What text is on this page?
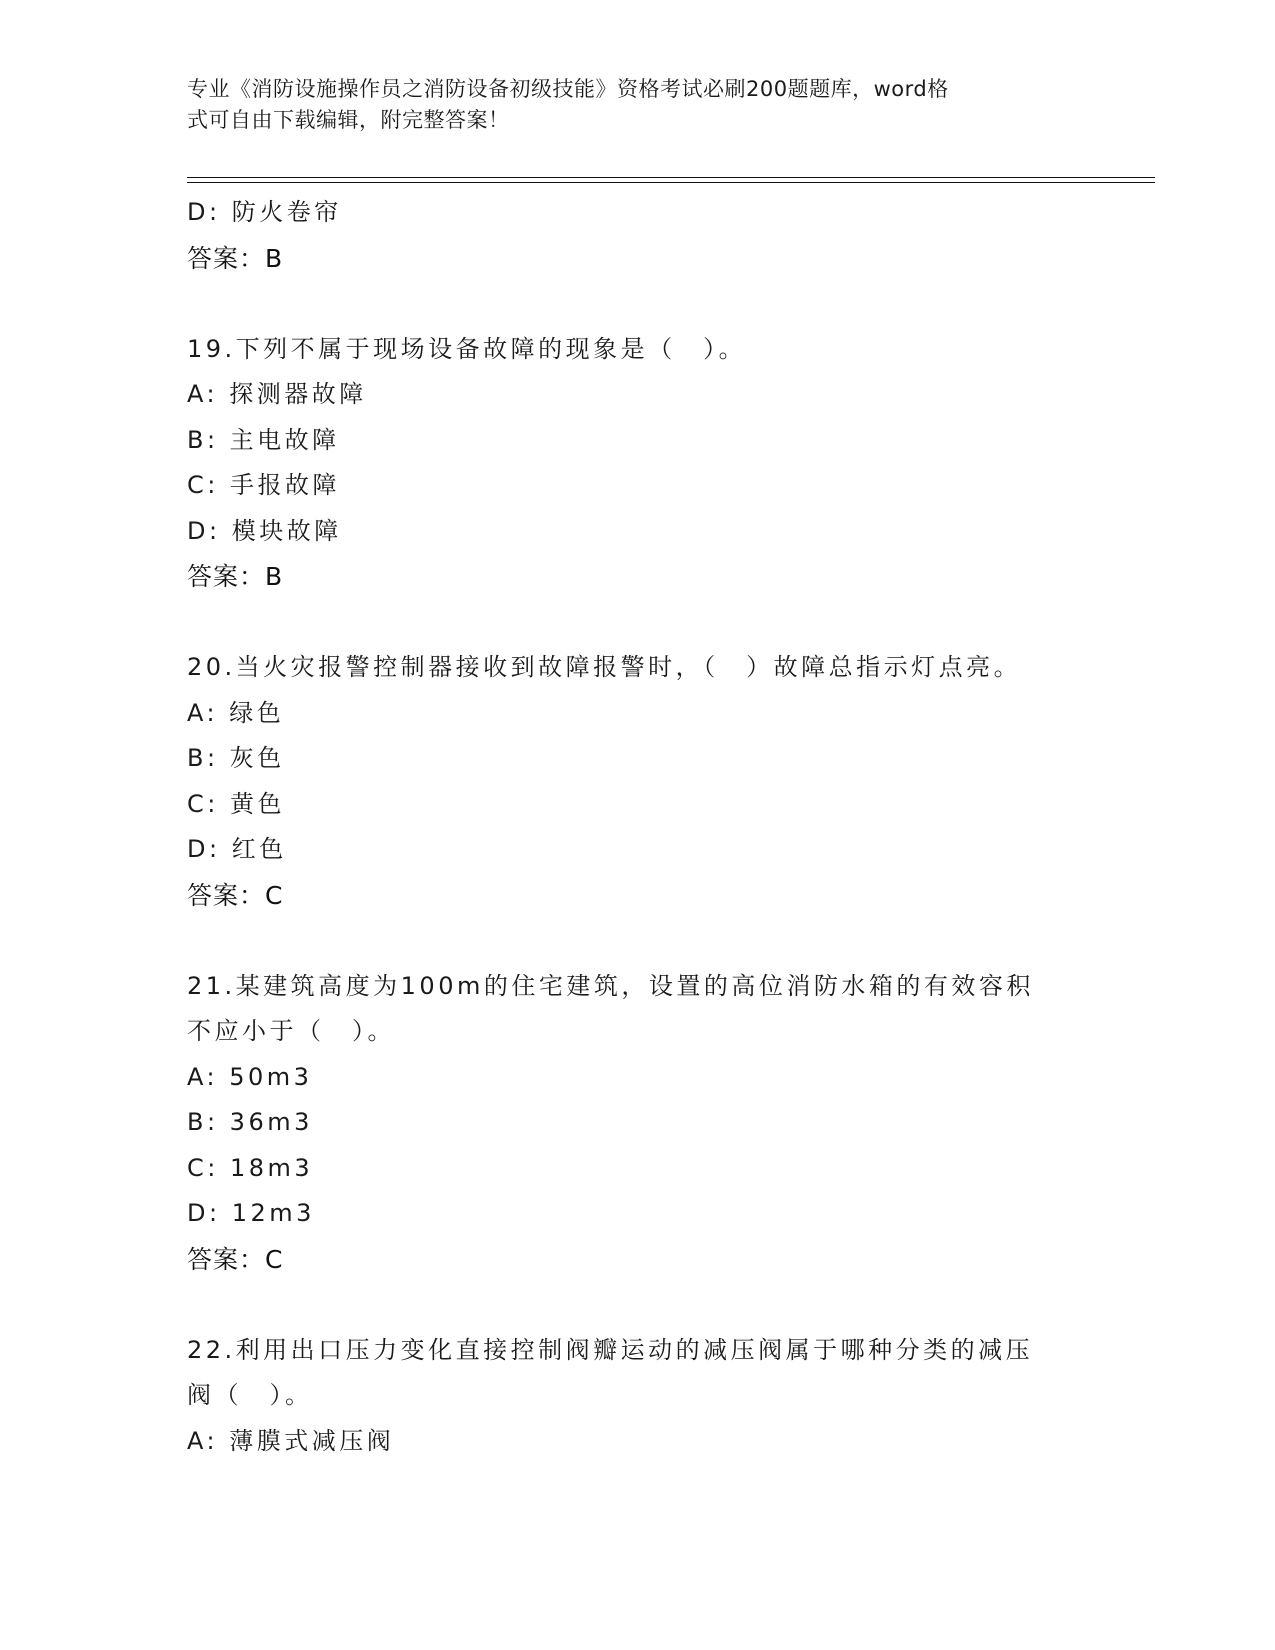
专业《消防设施操作员之消防设备初级技能》资格考试必刷200题题库，word格
式可自由下载编辑，附完整答案！
D: 防火卷帘
答案：B
19.下列不属于现场设备故障的现象是（　）。
A: 探测器故障
B: 主电故障
C: 手报故障
D: 模块故障
答案：B
20.当火灾报警控制器接收到故障报警时，（　）故障总指示灯点亮。
A: 绿色
B: 灰色
C: 黄色
D: 红色
答案：C
21.某建筑高度为100m的住宅建筑，设置的高位消防水箱的有效容积
不应小于（　）。
A: 50m3
B: 36m3
C: 18m3
D: 12m3
答案：C
22.利用出口压力变化直接控制阀瓣运动的减压阀属于哪种分类的减压
阀（　）。
A: 薄膜式减压阀
